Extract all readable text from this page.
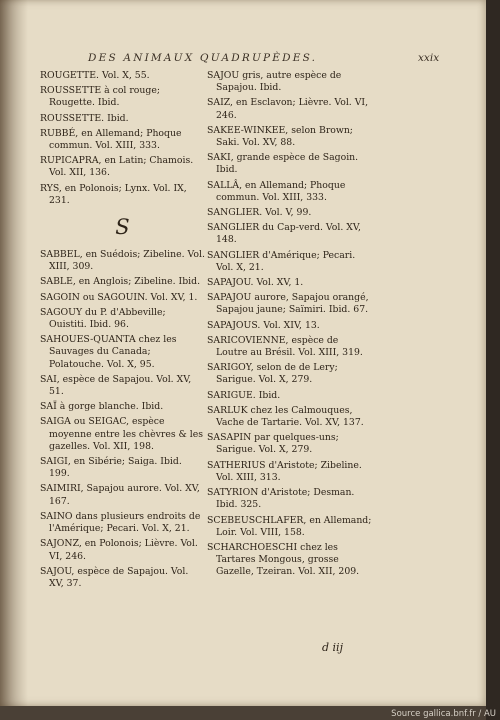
DES ANIMAUX QUADRUPÈDES.	xxix

ROUGETTE. Vol. X, 55.

ROUSSETTE à col rouge; Rougette. Ibid.

ROUSSETTE. Ibid.

RUBBÉ, en Allemand; Phoque commun. Vol. XIII, 333.

RUPICAPRA, en Latin; Chamois. Vol. XII, 136.

RYS, en Polonois; Lynx. Vol. IX, 231.

S

SABBEL, en Suédois; Zibeline. Vol. XIII, 309.

SABLE, en Anglois; Zibeline. Ibid.

SAGOIN ou SAGOUIN. Vol. XV, 1.

SAGOUY du P. d'Abbeville; Ouistiti. Ibid. 96.

SAHOUES-QUANTA chez les Sauvages du Canada; Polatouche. Vol. X, 95.

SAI, espèce de Sapajou. Vol. XV, 51.

SAÏ à gorge blanche. Ibid.

SAIGA ou SEIGAC, espèce moyenne entre les chèvres & les gazelles. Vol. XII, 198.

SAIGI, en Sibérie; Saiga. Ibid. 199.

SAIMIRI, Sapajou aurore. Vol. XV, 167.

SAINO dans plusieurs endroits de l'Amérique; Pecari. Vol. X, 21.

SAJONZ, en Polonois; Lièvre. Vol. VI, 246.

SAJOU, espèce de Sapajou. Vol. XV, 37.

SAJOU gris, autre espèce de Sapajou. Ibid.

SAIZ, en Esclavon; Lièvre. Vol. VI, 246.

SAKEE-WINKEE, selon Brown; Saki. Vol. XV, 88.

SAKI, grande espèce de Sagoin. Ibid.

SALLÂ, en Allemand; Phoque commun. Vol. XIII, 333.

SANGLIER. Vol. V, 99.

SANGLIER du Cap-verd. Vol. XV, 148.

SANGLIER d'Amérique; Pecari. Vol. X, 21.

SAPAJOU. Vol. XV, 1.

SAPAJOU aurore, Sapajou orangé, Sapajou jaune; Saïmiri. Ibid. 67.

SAPAJOUS. Vol. XIV, 13.

SARICOVIENNE, espèce de Loutre au Brésil. Vol. XIII, 319.

SARIGOY, selon de de Lery; Sarigue. Vol. X, 279.

SARIGUE. Ibid.

SARLUK chez les Calmouques, Vache de Tartarie. Vol. XV, 137.

SASAPIN par quelques-uns; Sarigue. Vol. X, 279.

SATHERIUS d'Aristote; Zibeline. Vol. XIII, 313.

SATYRION d'Aristote; Desman. Ibid. 325.

SCEBEUSCHLAFER, en Allemand; Loir. Vol. VIII, 158.

SCHARCHOESCHI chez les Tartares Mongous, grosse Gazelle, Tzeiran. Vol. XII, 209.

d iij
Source gallica.bnf.fr / AU
